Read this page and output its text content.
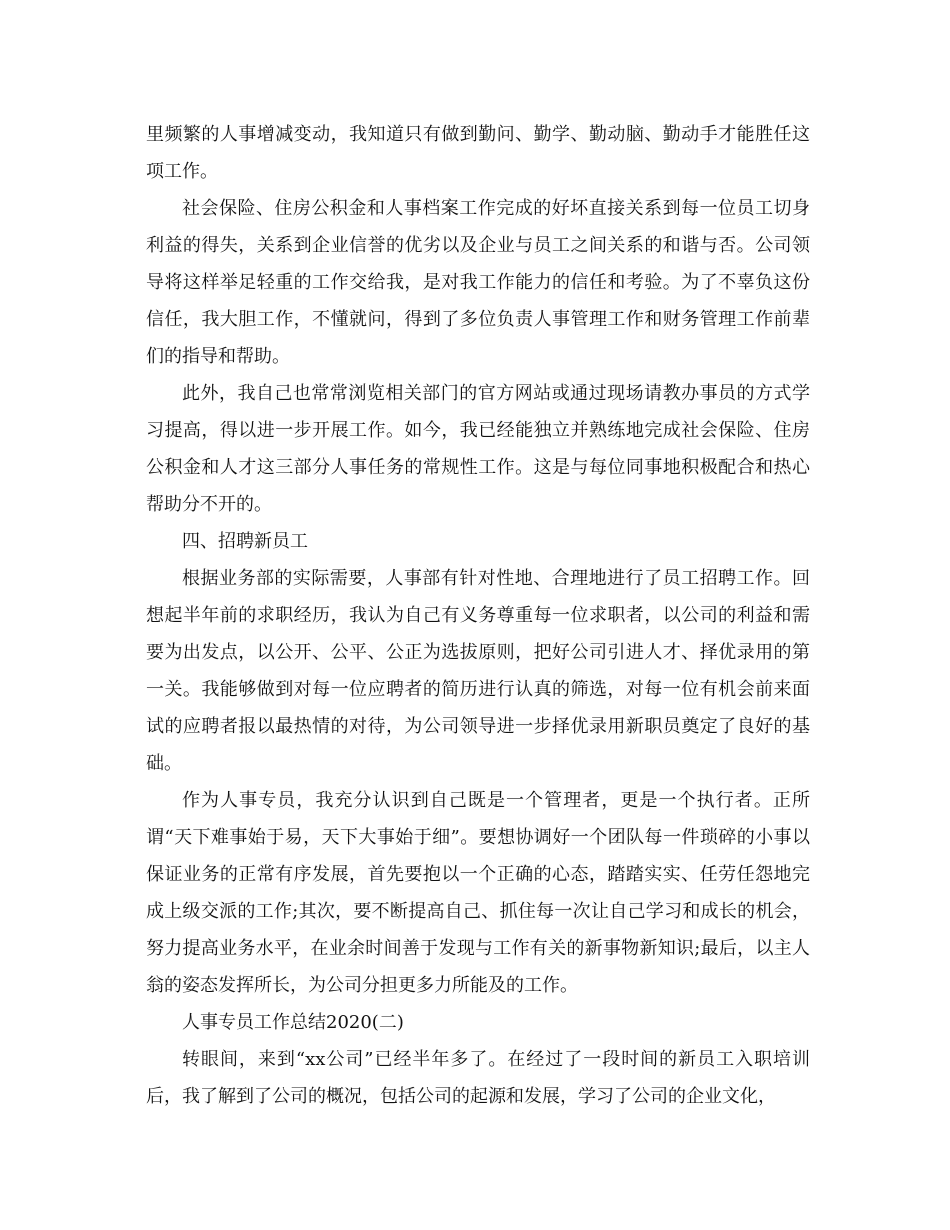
里频繁的人事增减变动，我知道只有做到勤问、勤学、勤动脑、勤动手才能胜任这项工作。

社会保险、住房公积金和人事档案工作完成的好坏直接关系到每一位员工切身利益的得失，关系到企业信誉的优劣以及企业与员工之间关系的和谐与否。公司领导将这样举足轻重的工作交给我，是对我工作能力的信任和考验。为了不辜负这份信任，我大胆工作，不懂就问，得到了多位负责人事管理工作和财务管理工作前辈们的指导和帮助。

此外，我自己也常常浏览相关部门的官方网站或通过现场请教办事员的方式学习提高，得以进一步开展工作。如今，我已经能独立并熟练地完成社会保险、住房公积金和人才这三部分人事任务的常规性工作。这是与每位同事地积极配合和热心帮助分不开的。

四、招聘新员工

根据业务部的实际需要，人事部有针对性地、合理地进行了员工招聘工作。回想起半年前的求职经历，我认为自己有义务尊重每一位求职者，以公司的利益和需要为出发点，以公开、公平、公正为选拔原则，把好公司引进人才、择优录用的第一关。我能够做到对每一位应聘者的简历进行认真的筛选，对每一位有机会前来面试的应聘者报以最热情的对待，为公司领导进一步择优录用新职员奠定了良好的基础。

作为人事专员，我充分认识到自己既是一个管理者，更是一个执行者。正所谓“天下难事始于易，天下大事始于细”。要想协调好一个团队每一件琐碎的小事以保证业务的正常有序发展，首先要抱以一个正确的心态，踏踏实实、任劳任怨地完成上级交派的工作;其次，要不断提高自己、抓住每一次让自己学习和成长的机会，努力提高业务水平，在业余时间善于发现与工作有关的新事物新知识;最后，以主人翁的姿态发挥所长，为公司分担更多力所能及的工作。

人事专员工作总结2020(二)

转眼间，来到“xx公司”已经半年多了。在经过了一段时间的新员工入职培训后，我了解到了公司的概况，包括公司的起源和发展，学习了公司的企业文化，
